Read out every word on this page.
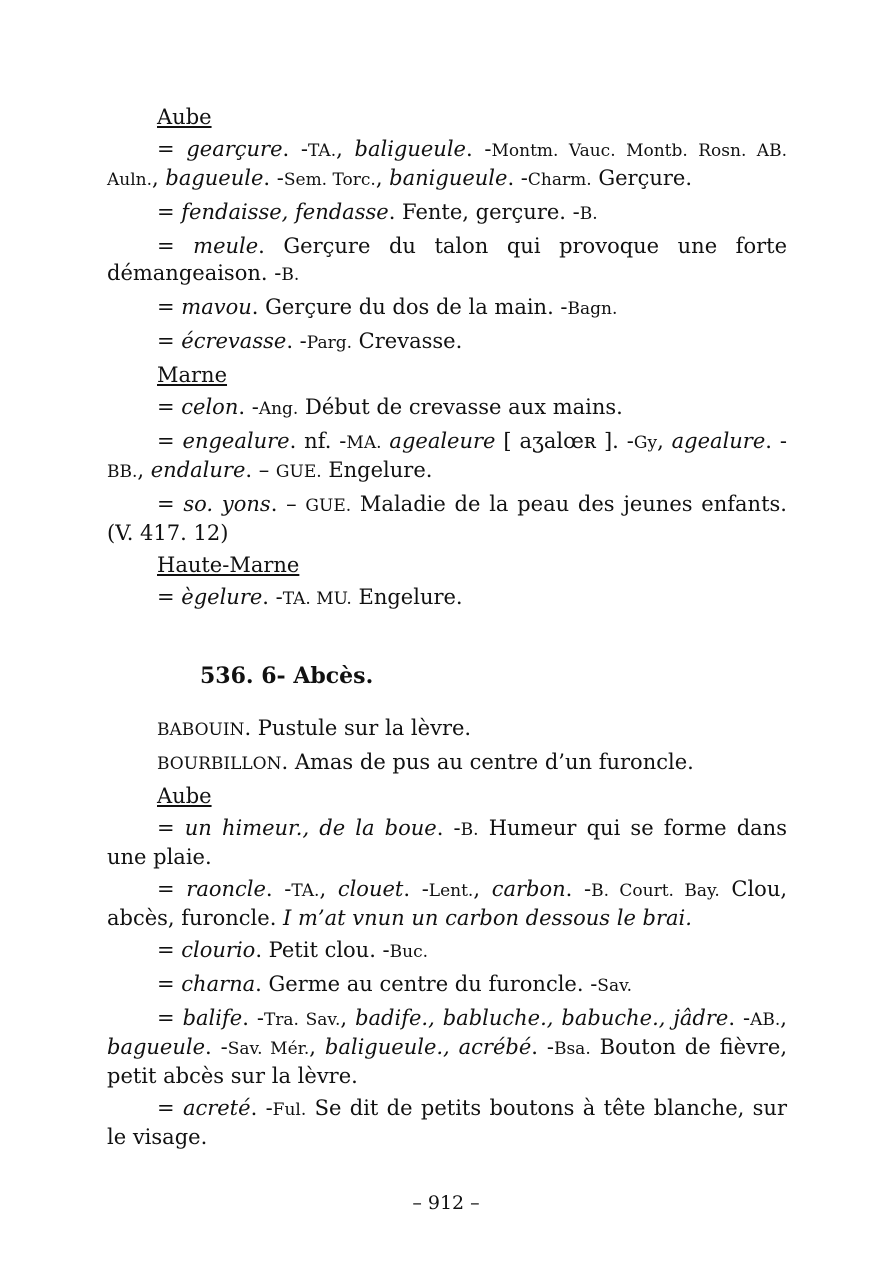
Aube

= gearçure. -TA., baligueule. -Montm. Vauc. Montb. Rosn. AB. Auln., bagueule. -Sem. Torc., banigueule. -Charm. Gerçure.

= fendaisse, fendasse. Fente, gerçure. -B.

= meule. Gerçure du talon qui provoque une forte démangeaison. -B.

= mavou. Gerçure du dos de la main. -Bagn.

= écrevasse. -Parg. Crevasse.

Marne

= celon. -Ang. Début de crevasse aux mains.

= engealure. nf. -MA. agealeure [ aʒalœʀ ]. -Gy, agealure. -BB., endalure. – GUE. Engelure.

= so. yons. – GUE. Maladie de la peau des jeunes enfants. (V. 417. 12)

Haute-Marne

= ègelure. -TA. MU. Engelure.

536. 6- Abcès.

BABOUIN. Pustule sur la lèvre.

BOURBILLON. Amas de pus au centre d’un furoncle.

Aube

= un himeur., de la boue. -B. Humeur qui se forme dans une plaie.

= raoncle. -TA., clouet. -Lent., carbon. -B. Court. Bay. Clou, abcès, furoncle. I m’at vnun un carbon dessous le brai.

= clourio. Petit clou. -Buc.

= charna. Germe au centre du furoncle. -Sav.

= balife. -Tra. Sav., badife., babluche., babuche., jâdre. -AB., bagueule. -Sav. Mér., baligueule., acrébé. -Bsa. Bouton de fièvre, petit abcès sur la lèvre.

= acreté. -Ful. Se dit de petits boutons à tête blanche, sur le visage.

– 912 –
